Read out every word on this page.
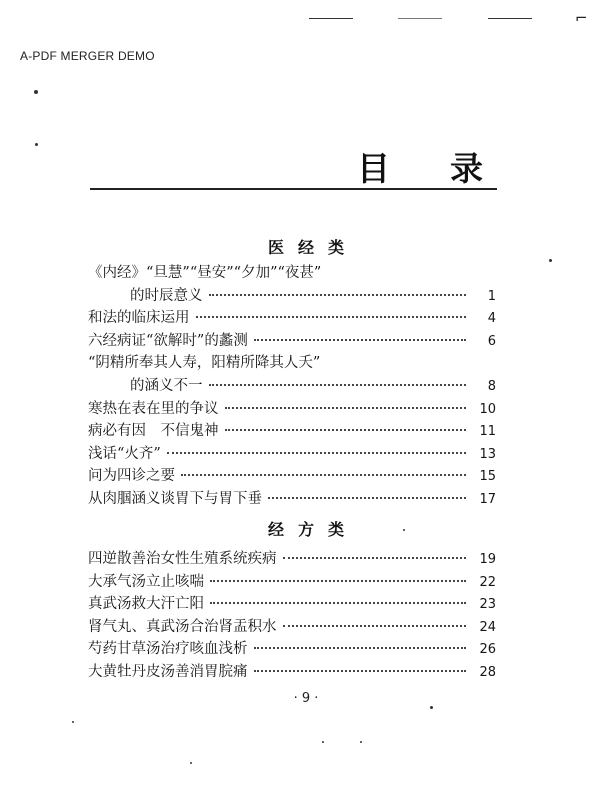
⌐
A-PDF MERGER DEMO
目 录
医经类
《内经》“旦慧”“昼安”“夕加”“夜甚”
的时辰意义	1
和法的临床运用	4
六经病证“欲解时”的蠡测	6
“阴精所奉其人寿，阳精所降其人夭”
的涵义不一	8
寒热在表在里的争议	10
病必有因　不信鬼神	11
浅话“火齐”	13
问为四诊之要	15
从肉腘涵义谈胃下与胃下垂	17
经方类
四逆散善治女性生殖系统疾病	19
大承气汤立止咳喘	22
真武汤救大汗亡阳	23
肾气丸、真武汤合治肾盂积水	24
芍药甘草汤治疗咳血浅析	26
大黄牡丹皮汤善消胃脘痛	28
· 9 ·
